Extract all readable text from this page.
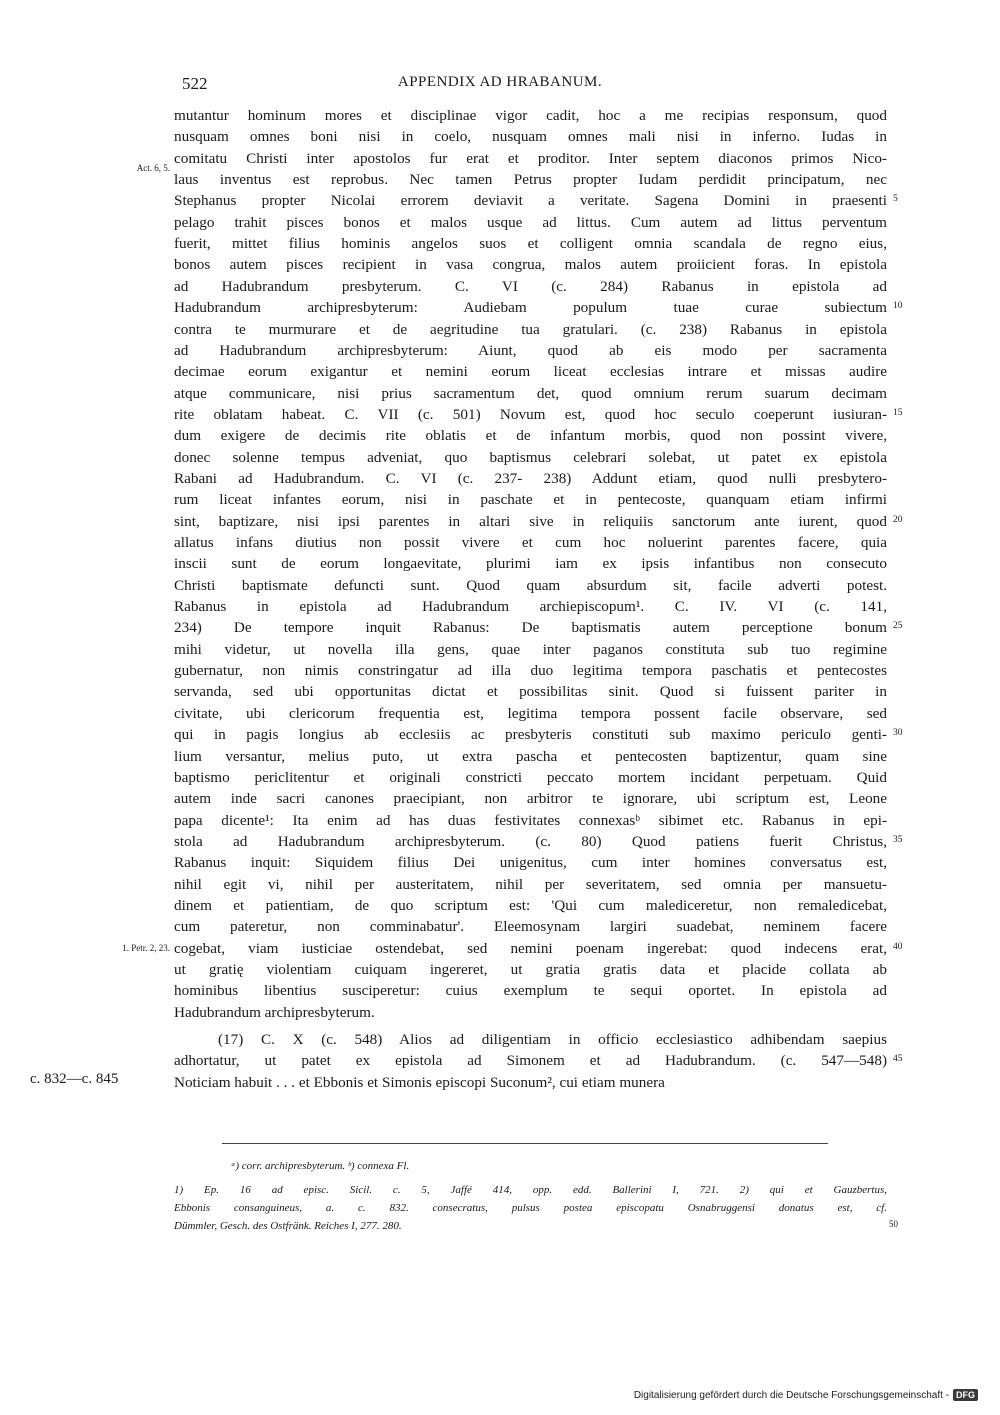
522	APPENDIX AD HRABANUM.
mutantur hominum mores et disciplinae vigor cadit, hoc a me recipias responsum, quod
nusquam omnes boni nisi in coelo, nusquam omnes mali nisi in inferno. Iudas in
comitatu Christi inter apostolos fur erat et proditor. Inter septem diaconos primos Nico-
laus inventus est reprobus. Nec tamen Petrus propter Iudam perdidit principatum, nec
Stephanus propter Nicolai errorem deviavit a veritate. Sagena Domini in praesenti
pelago trahit pisces bonos et malos usque ad littus. Cum autem ad littus perventum
fuerit, mittet filius hominis angelos suos et colligent omnia scandala de regno eius,
bonos autem pisces recipient in vasa congrua, malos autem proiicient foras. In epistola
ad Hadubrandum presbyterum. C. VI (c. 284) Rabanus in epistola ad
Hadubrandum archipresbyterum: Audiebam populum tuae curae subiectum
contra te murmurare et de aegritudine tua gratulari. (c. 238) Rabanus in epistola
ad Hadubrandum archipresbyterum: Aiunt, quod ab eis modo per sacramenta
decimae eorum exigantur et nemini eorum liceat ecclesias intrare et missas audire
atque communicare, nisi prius sacramentum det, quod omnium rerum suarum decimam
rite oblatam habeat. C. VII (c. 501) Novum est, quod hoc seculo coeperunt iusiuran-
dum exigere de decimis rite oblatis et de infantum morbis, quod non possint vivere,
donec solenne tempus adveniat, quo baptismus celebrari solebat, ut patet ex epistola
Rabani ad Hadubrandum. C. VI (c. 237- 238) Addunt etiam, quod nulli presbytero-
rum liceat infantes eorum, nisi in paschate et in pentecoste, quanquam etiam infirmi
sint, baptizare, nisi ipsi parentes in altari sive in reliquiis sanctorum ante iurent, quod
allatus infans diutius non possit vivere et cum hoc noluerint parentes facere, quia
inscii sunt de eorum longaevitate, plurimi iam ex ipsis infantibus non consecuto
Christi baptismate defuncti sunt. Quod quam absurdum sit, facile adverti potest.
Rabanus in epistola ad Hadubrandum archiepiscopum¹. C. IV. VI (c. 141,
234) De tempore inquit Rabanus: De baptismatis autem perceptione bonum
mihi videtur, ut novella illa gens, quae inter paganos constituta sub tuo regimine
gubernatur, non nimis constringatur ad illa duo legitima tempora paschatis et pentecostes
servanda, sed ubi opportunitas dictat et possibilitas sinit. Quod si fuissent pariter in
civitate, ubi clericorum frequentia est, legitima tempora possent facile observare, sed
qui in pagis longius ab ecclesiis ac presbyteris constituti sub maximo periculo genti-
lium versantur, melius puto, ut extra pascha et pentecosten baptizentur, quam sine
baptismo periclitentur et originali constricti peccato mortem incidant perpetuam. Quid
autem inde sacri canones praecipiant, non arbitror te ignorare, ubi scriptum est, Leone
papa dicente¹: Ita enim ad has duas festivitates connexasᵇ sibimet etc. Rabanus in epi-
stola ad Hadubrandum archipresbyterum. (c. 80) Quod patiens fuerit Christus,
Rabanus inquit: Siquidem filius Dei unigenitus, cum inter homines conversatus est,
nihil egit vi, nihil per austeritatem, nihil per severitatem, sed omnia per mansuetu-
dinem et patientiam, de quo scriptum est: 'Qui cum malediceretur, non remaledicebat,
cum pateretur, non comminabatur'. Eleemosynam largiri suadebat, neminem facere
cogebat, viam iusticiae ostendebat, sed nemini poenam ingerebat: quod indecens erat,
ut gratię violentiam cuiquam ingereret, ut gratia gratis data et placide collata ab
hominibus libentius susciperetur: cuius exemplum te sequi oportet. In epistola ad
Hadubrandum archipresbyterum.
(17) C. X (c. 548) Alios ad diligentiam in officio ecclesiastico adhibendam saepius
adhortatur, ut patet ex epistola ad Simonem et ad Hadubrandum. (c. 547—548)
Noticiam habuit . . . et Ebbonis et Simonis episcopi Suconum², cui etiam munera
Act. 6, 5.
1. Petr. 2, 23.
c. 832—c. 845
5
10
15
20
25
30
35
40
45
ᵃ) corr. archipresbyterum. ᵇ) connexa Fl.
1) Ep. 16 ad episc. Sicil. c. 5, Jaffé 414, opp. edd. Ballerini I, 721. 2) qui et Gauzbertus,
Ebbonis consanguineus, a. c. 832. consecratus, pulsus postea episcopatu Osnabruggensi donatus est, cf.
Dümmler, Gesch. des Ostfränk. Reiches I, 277. 280.	50
Digitalisierung gefördert durch die Deutsche Forschungsgemeinschaft - DFG
